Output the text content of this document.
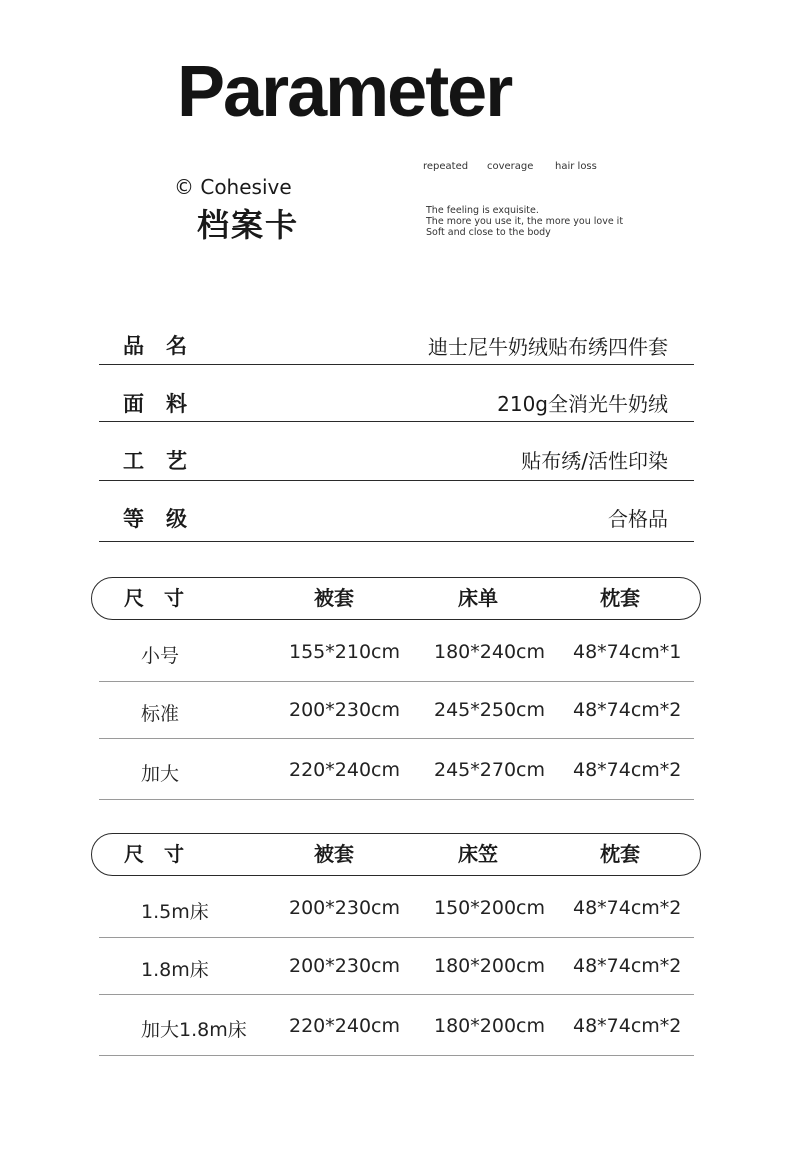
Parameter
© Cohesive
档案卡
repeated coverage hair loss
The feeling is exquisite.
The more you use it, the more you love it
Soft and close to the body
品名	迪士尼牛奶绒贴布绣四件套
面料	210g全消光牛奶绒
工艺	贴布绣/活性印染
等级	合格品
尺寸	被套	床单	枕套
小号	155*210cm 180*240cm 48*74cm*1
标准	200*230cm 245*250cm 48*74cm*2
加大	220*240cm 245*270cm 48*74cm*2
尺寸	被套	床笠	枕套
1.5m床	200*230cm 150*200cm 48*74cm*2
1.8m床	200*230cm 180*200cm 48*74cm*2
加大1.8m床 220*240cm 180*200cm 48*74cm*2
